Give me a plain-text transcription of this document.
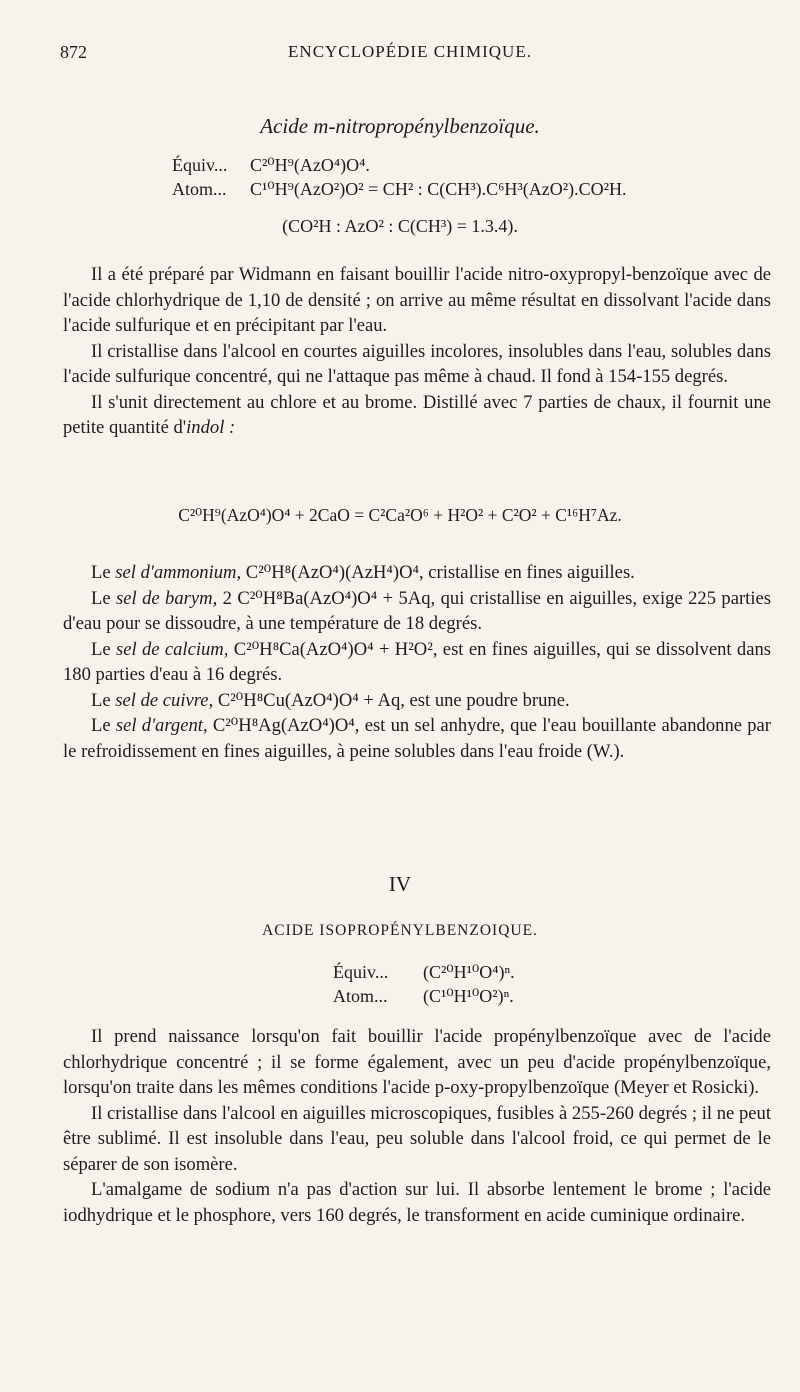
872	ENCYCLOPÉDIE CHIMIQUE.
Acide m-nitropropénylbenzoïque.
Équiv... C²⁰H⁹(AzO⁴)O⁴.
Atom... C¹⁰H⁹(AzO²)O² = CH² : C(CH³).C⁶H³(AzO²).CO²H.
(CO²H : AzO² : C(CH³) = 1.3.4).

Il a été préparé par Widmann en faisant bouillir l'acide nitro-oxypropyl-benzoïque avec de l'acide chlorhydrique de 1,10 de densité ; on arrive au même résultat en dissolvant l'acide dans l'acide sulfurique et en précipitant par l'eau.

Il cristallise dans l'alcool en courtes aiguilles incolores, insolubles dans l'eau, solubles dans l'acide sulfurique concentré, qui ne l'attaque pas même à chaud. Il fond à 154-155 degrés.

Il s'unit directement au chlore et au brome. Distillé avec 7 parties de chaux, il fournit une petite quantité d'indol :

C²⁰H⁹(AzO⁴)O⁴ + 2CaO = C²Ca²O⁶ + H²O² + C²O² + C¹⁶H⁷Az.

Le sel d'ammonium, C²⁰H⁸(AzO⁴)(AzH⁴)O⁴, cristallise en fines aiguilles.

Le sel de barym, 2 C²⁰H⁸Ba(AzO⁴)O⁴ + 5Aq, qui cristallise en aiguilles, exige 225 parties d'eau pour se dissoudre, à une température de 18 degrés.

Le sel de calcium, C²⁰H⁸Ca(AzO⁴)O⁴ + H²O², est en fines aiguilles, qui se dissolvent dans 180 parties d'eau à 16 degrés.

Le sel de cuivre, C²⁰H⁸Cu(AzO⁴)O⁴ + Aq, est une poudre brune.

Le sel d'argent, C²⁰H⁸Ag(AzO⁴)O⁴, est un sel anhydre, que l'eau bouillante abandonne par le refroidissement en fines aiguilles, à peine solubles dans l'eau froide (W.).

IV
ACIDE ISOPROPÉNYLBENZOIQUE.
Équiv... (C²⁰H¹⁰O⁴)ⁿ.
Atom... (C¹⁰H¹⁰O²)ⁿ.

Il prend naissance lorsqu'on fait bouillir l'acide propénylbenzoïque avec de l'acide chlorhydrique concentré ; il se forme également, avec un peu d'acide propénylbenzoïque, lorsqu'on traite dans les mêmes conditions l'acide p-oxy-propylbenzoïque (Meyer et Rosicki).

Il cristallise dans l'alcool en aiguilles microscopiques, fusibles à 255-260 degrés ; il ne peut être sublimé. Il est insoluble dans l'eau, peu soluble dans l'alcool froid, ce qui permet de le séparer de son isomère.

L'amalgame de sodium n'a pas d'action sur lui. Il absorbe lentement le brome ; l'acide iodhydrique et le phosphore, vers 160 degrés, le transforment en acide cuminique ordinaire.
